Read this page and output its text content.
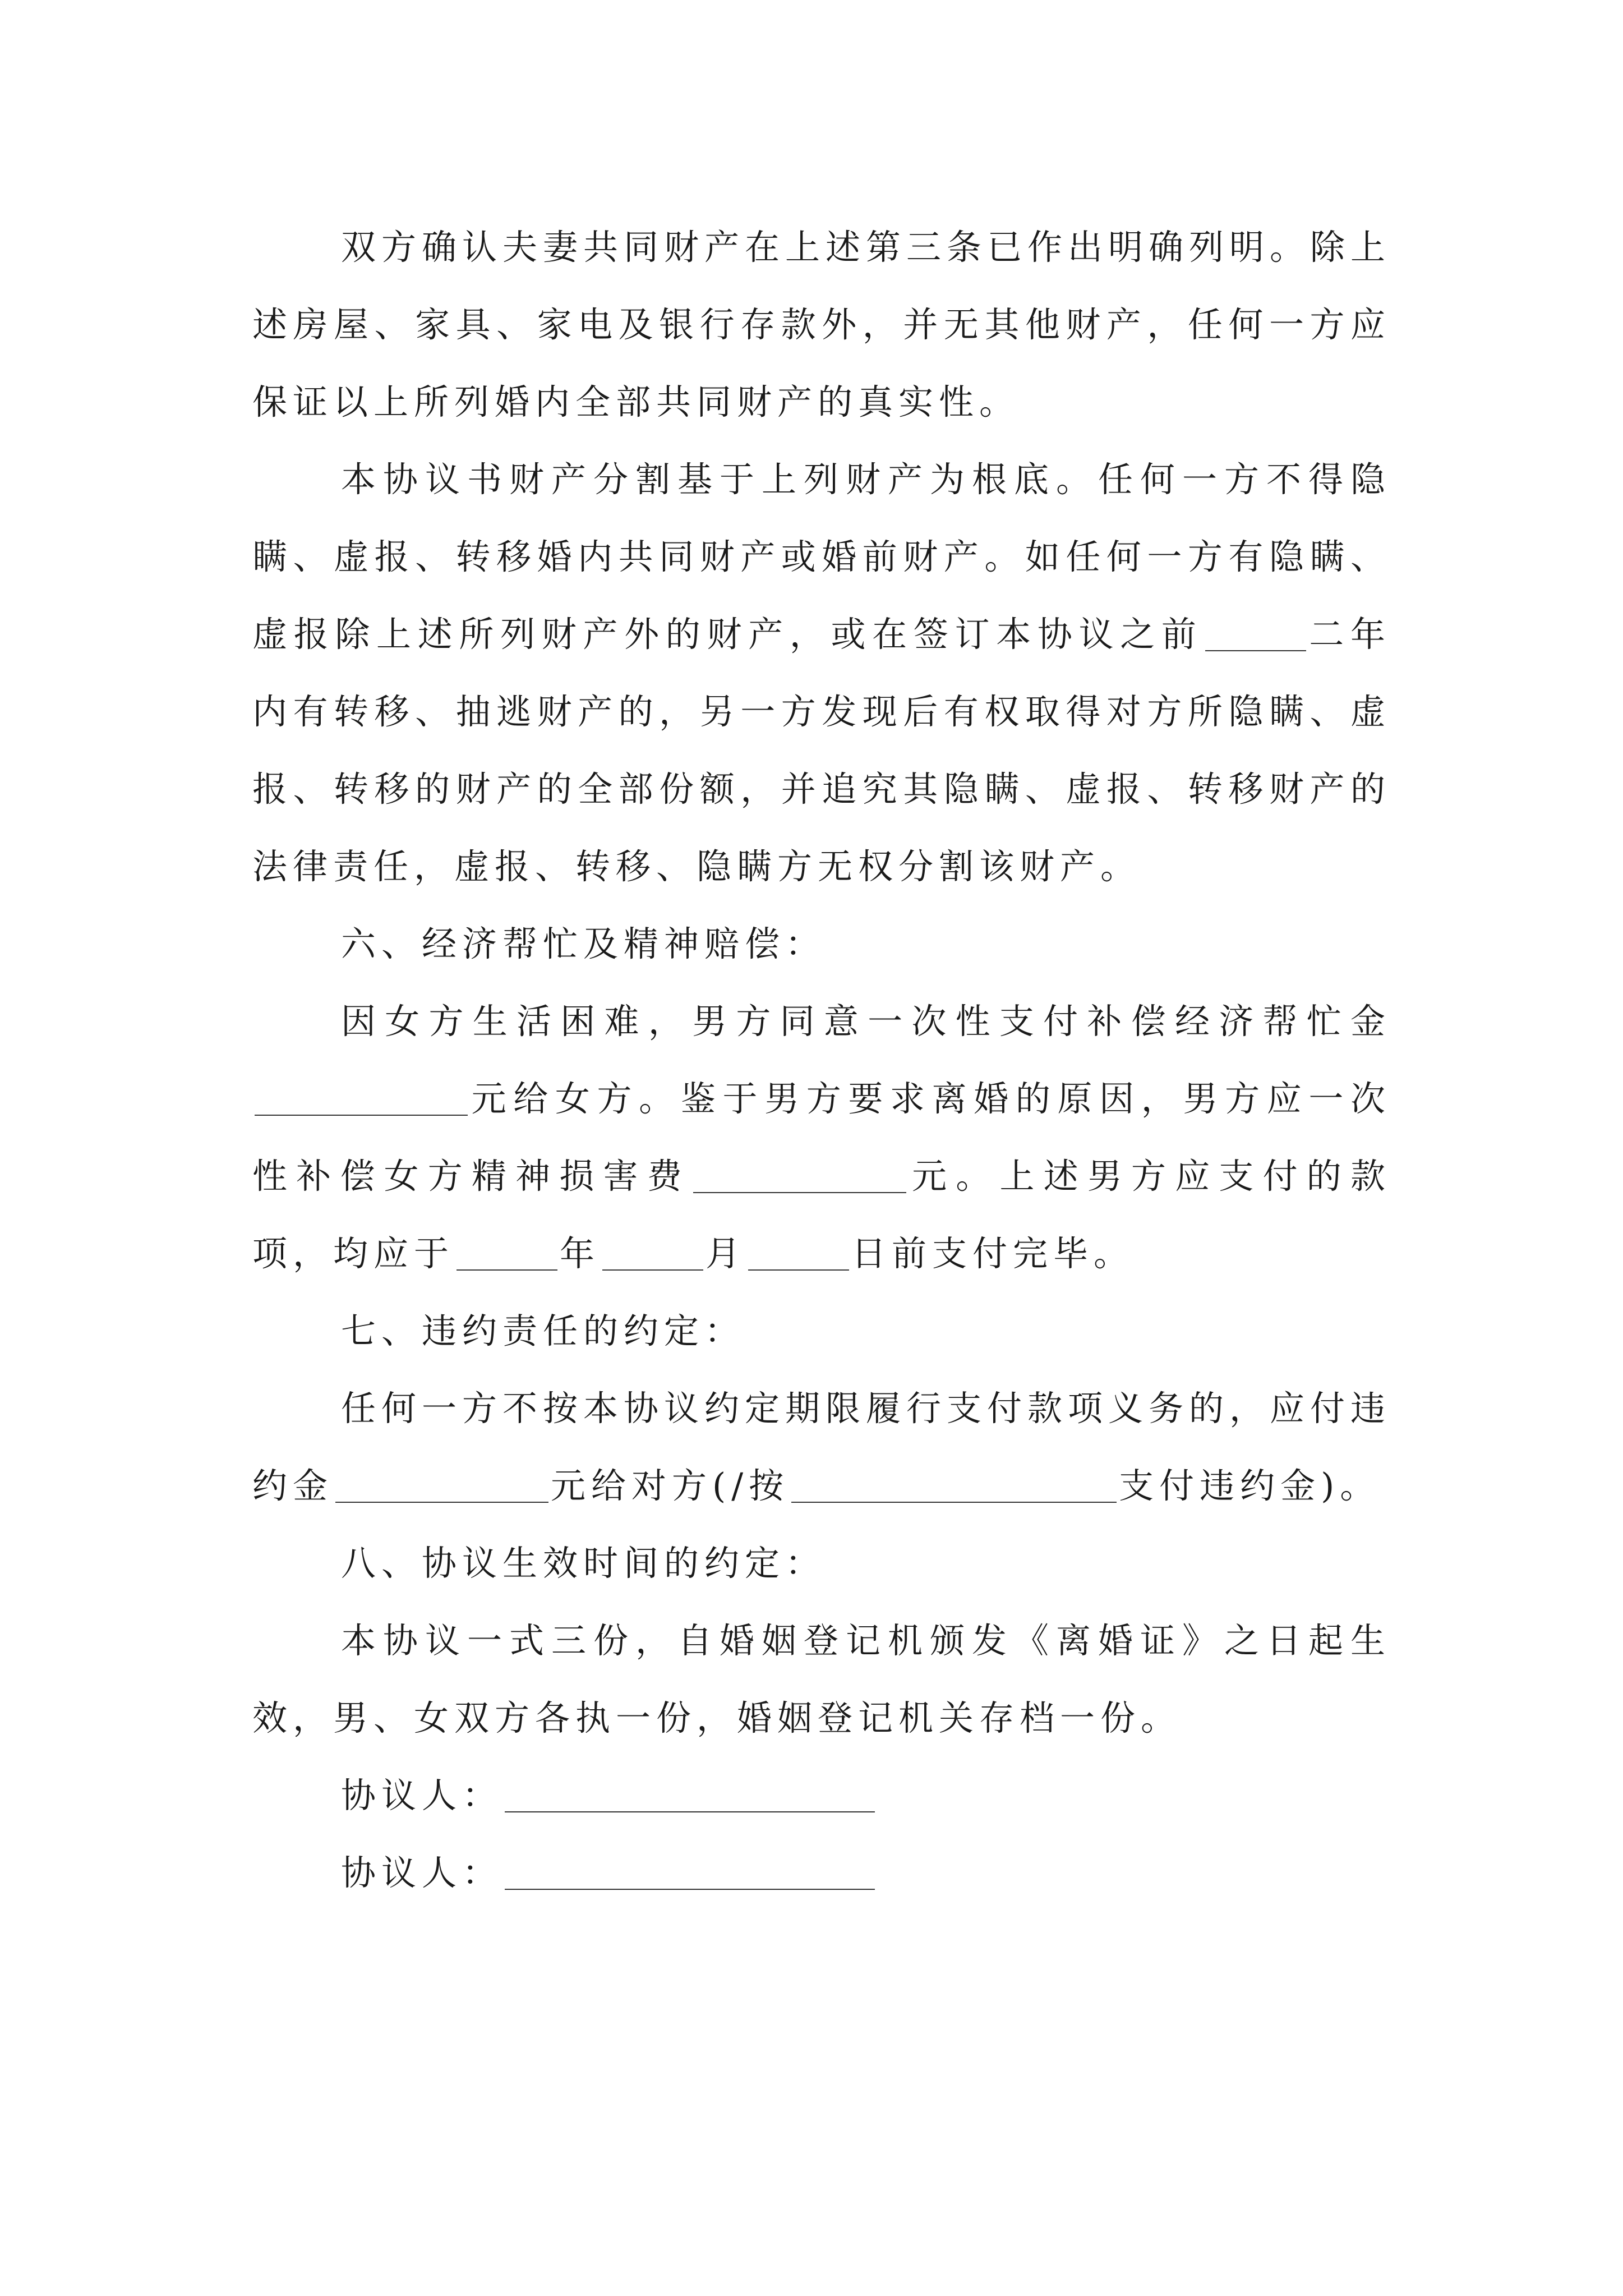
双方确认夫妻共同财产在上述第三条已作出明确列明。除上述房屋、家具、家电及银行存款外，并无其他财产，任何一方应保证以上所列婚内全部共同财产的真实性。

本协议书财产分割基于上列财产为根底。任何一方不得隐瞒、虚报、转移婚内共同财产或婚前财产。如任何一方有隐瞒、虚报除上述所列财产外的财产，或在签订本协议之前	二年内有转移、抽逃财产的，另一方发现后有权取得对方所隐瞒、虚报、转移的财产的全部份额，并追究其隐瞒、虚报、转移财产的法律责任，虚报、转移、隐瞒方无权分割该财产。

六、经济帮忙及精神赔偿：

因女方生活困难，男方同意一次性支付补偿经济帮忙金元给女方。鉴于男方要求离婚的原因，男方应一次性补偿女方精神损害费	元。上述男方应支付的款项，均应于	年	月	日前支付完毕。

七、违约责任的约定：

任何一方不按本协议约定期限履行支付款项义务的，应付违约金	元给对方(/按	支付违约金)。

八、协议生效时间的约定：

本协议一式三份，自婚姻登记机颁发《离婚证》之日起生效，男、女双方各执一份，婚姻登记机关存档一份。

协议人：

协议人：
